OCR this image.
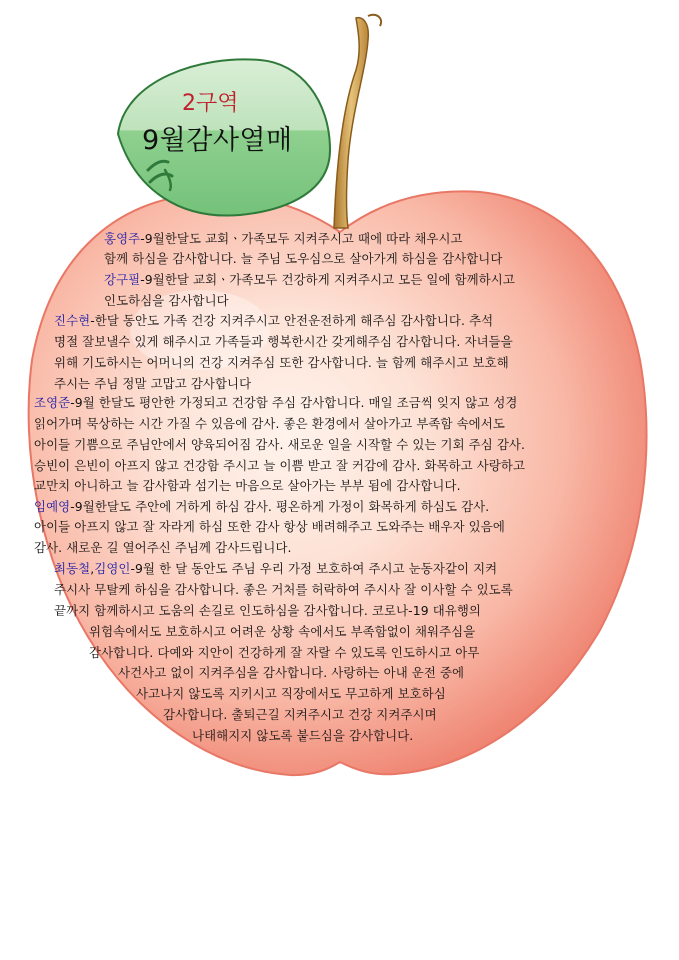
2구역
9월감사열매
홍영주-9월한달도 교회ㆍ가족모두 지켜주시고 때에 따라 채우시고
함께 하심을 감사합니다. 늘 주님 도우심으로 살아가게 하심을 감사합니다
강구필-9월한달 교회ㆍ가족모두 건강하게 지켜주시고 모든 일에 함께하시고
인도하심을 감사합니다
진수현-한달 동안도 가족 건강 지켜주시고 안전운전하게 해주심 감사합니다. 추석
명절 잘보낼수 있게 해주시고 가족들과 행복한시간 갖게해주심 감사합니다. 자녀들을
위해 기도하시는 어머니의 건강 지켜주심 또한 감사합니다. 늘 함께 해주시고 보호해
주시는 주님 정말 고맙고 감사합니다
조영준-9월 한달도 평안한 가정되고 건강함 주심 감사합니다. 매일 조금씩 잊지 않고 성경
읽어가며 묵상하는 시간 가질 수 있음에 감사. 좋은 환경에서 살아가고 부족함 속에서도
아이들 기쁨으로 주님안에서 양육되어짐 감사. 새로운 일을 시작할 수 있는 기회 주심 감사.
승빈이 은빈이 아프지 않고 건강함 주시고 늘 이쁨 받고 잘 커감에 감사. 화목하고 사랑하고
교만치 아니하고 늘 감사함과 섬기는 마음으로 살아가는 부부 됨에 감사합니다.
임예영-9월한달도 주안에 거하게 하심 감사. 평온하게 가정이 화목하게 하심도 감사.
아이들 아프지 않고 잘 자라게 하심 또한 감사 항상 배려해주고 도와주는 배우자 있음에
감사. 새로운 길 열어주신 주님께 감사드립니다.
최동철,김영인-9월 한 달 동안도 주님 우리 가정 보호하여 주시고 눈동자같이 지켜
주시사 무탈케 하심을 감사합니다. 좋은 거처를 허락하여 주시사 잘 이사할 수 있도록
끝까지 함께하시고 도움의 손길로 인도하심을 감사합니다. 코로나-19 대유행의
위험속에서도 보호하시고 어려운 상황 속에서도 부족함없이 채워주심을
감사합니다. 다예와 지안이 건강하게 잘 자랄 수 있도록 인도하시고 아무
사건사고 없이 지켜주심을 감사합니다. 사랑하는 아내 운전 중에
사고나지 않도록 지키시고 직장에서도 무고하게 보호하심
감사합니다. 출퇴근길 지켜주시고 건강 지켜주시며
나태해지지 않도록 붙드심을 감사합니다.
